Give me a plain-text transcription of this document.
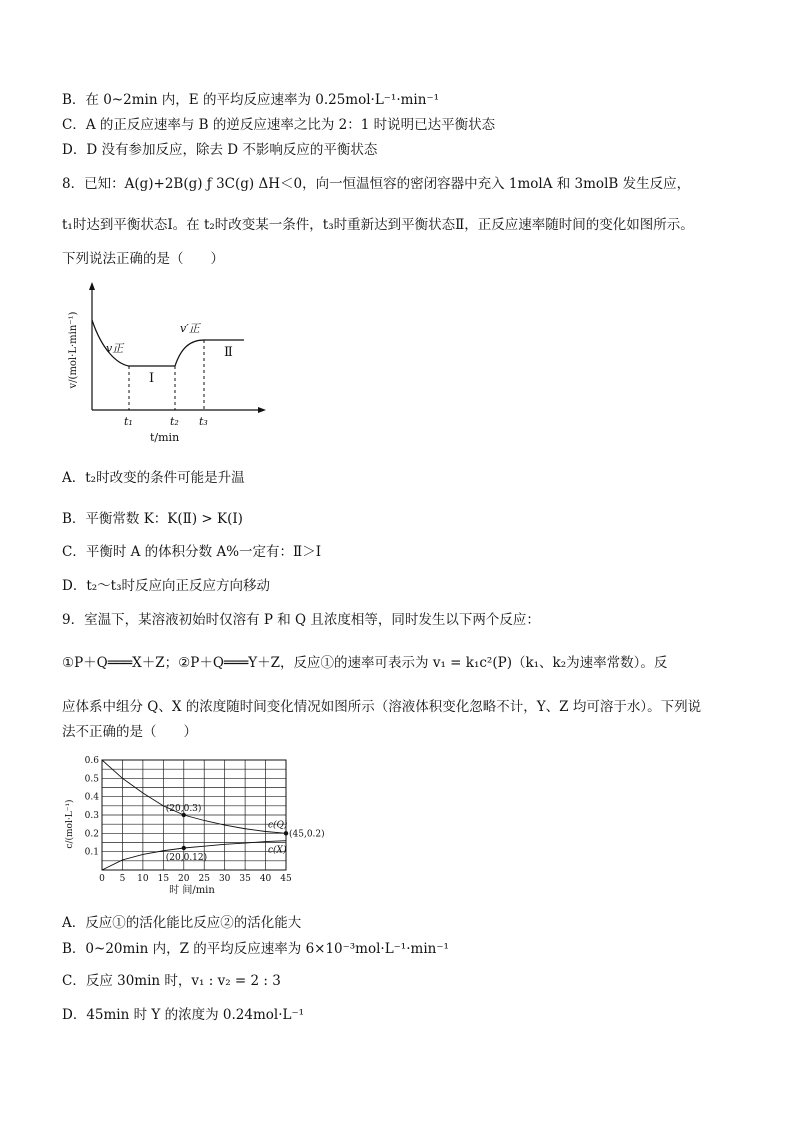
B．在 0~2min 内，E 的平均反应速率为 0.25mol·L⁻¹·min⁻¹
C．A 的正反应速率与 B 的逆反应速率之比为 2：1 时说明已达平衡状态
D．D 没有参加反应，除去 D 不影响反应的平衡状态
8．已知：A(g)+2B(g) ƒ 3C(g) ΔH＜0，向一恒温恒容的密闭容器中充入 1molA 和 3molB 发生反应，
t₁时达到平衡状态Ⅰ。在 t₂时改变某一条件，t₃时重新达到平衡状态Ⅱ，正反应速率随时间的变化如图所示。
下列说法正确的是（　　）
v/(mol·L·min⁻¹) v正
v′正
Ⅰ
Ⅱ
t₁	t₂ t₃
t/min
A．t₂时改变的条件可能是升温
B．平衡常数 K：K(Ⅱ) > K(Ⅰ)
C．平衡时 A 的体积分数 A%一定有：Ⅱ＞Ⅰ
D．t₂～t₃时反应向正反应方向移动
9．室温下，某溶液初始时仅溶有 P 和 Q 且浓度相等，同时发生以下两个反应：
①P＋Q═══X＋Z；②P＋Q═══Y＋Z，反应①的速率可表示为 v₁ = k₁c²(P)（k₁、k₂为速率常数）。反
应体系中组分 Q、X 的浓度随时间变化情况如图所示（溶液体积变化忽略不计，Y、Z 均可溶于水）。下列说
法不正确的是（　　）
c(Q)
c(X)
0 5 10 15 20 25 30 35 40 45
0.1
0.2
0.3
0.4
0.5
0.6
(20,0.3)
(20,0.12)
(45,0.2)
c/(mol·L⁻¹)
时 间/min
A．反应①的活化能比反应②的活化能大
B．0~20min 内，Z 的平均反应速率为 6×10⁻³mol·L⁻¹·min⁻¹
C．反应 30min 时，v₁ : v₂ = 2 : 3
D．45min 时 Y 的浓度为 0.24mol·L⁻¹
